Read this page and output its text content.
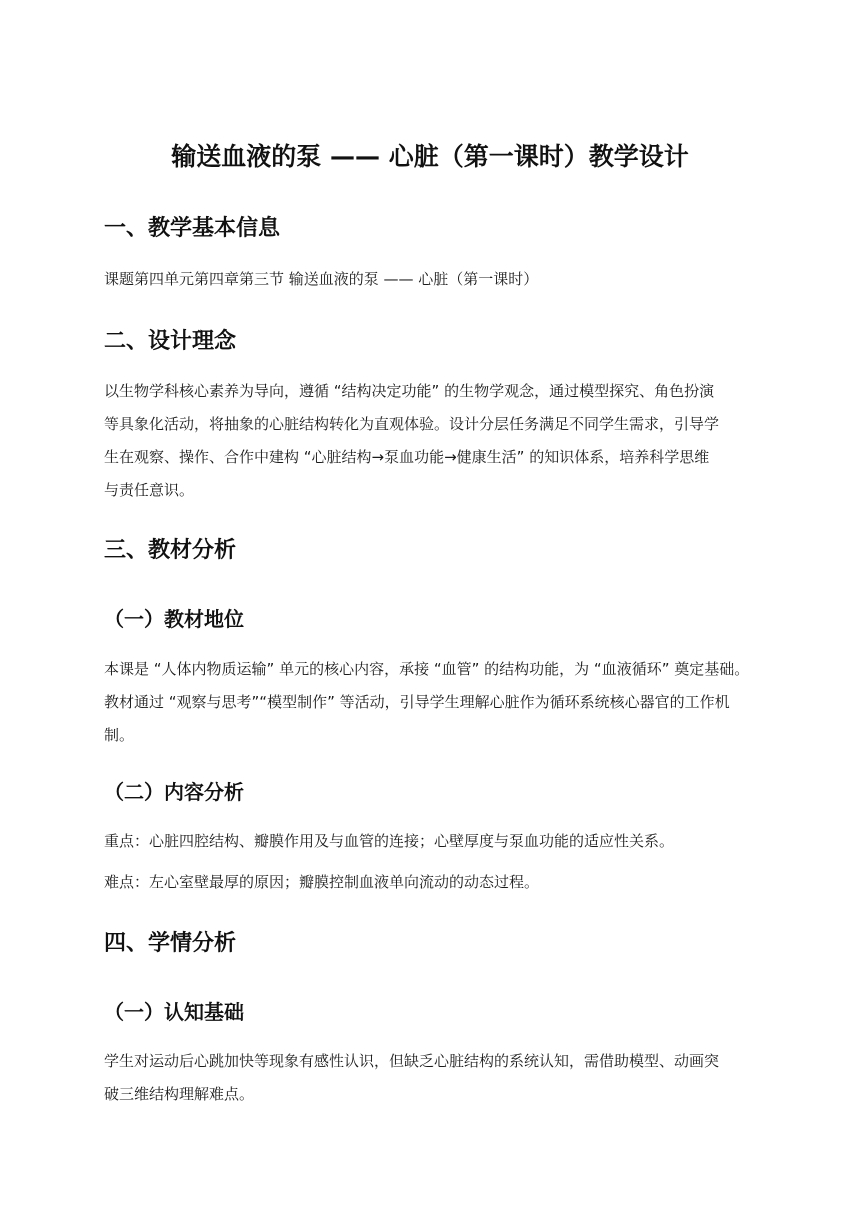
输送血液的泵 —— 心脏（第一课时）教学设计
一、教学基本信息
课题第四单元第四章第三节 输送血液的泵 —— 心脏（第一课时）
二、设计理念
以生物学科核心素养为导向，遵循 “结构决定功能” 的生物学观念，通过模型探究、角色扮演
等具象化活动，将抽象的心脏结构转化为直观体验。设计分层任务满足不同学生需求，引导学
生在观察、操作、合作中建构 “心脏结构→泵血功能→健康生活” 的知识体系，培养科学思维
与责任意识。
三、教材分析
（一）教材地位
本课是 “人体内物质运输” 单元的核心内容，承接 “血管” 的结构功能，为 “血液循环” 奠定基础。
教材通过 “观察与思考”“模型制作” 等活动，引导学生理解心脏作为循环系统核心器官的工作机
制。
（二）内容分析
重点：心脏四腔结构、瓣膜作用及与血管的连接；心壁厚度与泵血功能的适应性关系。
难点：左心室壁最厚的原因；瓣膜控制血液单向流动的动态过程。
四、学情分析
（一）认知基础
学生对运动后心跳加快等现象有感性认识，但缺乏心脏结构的系统认知，需借助模型、动画突
破三维结构理解难点。
